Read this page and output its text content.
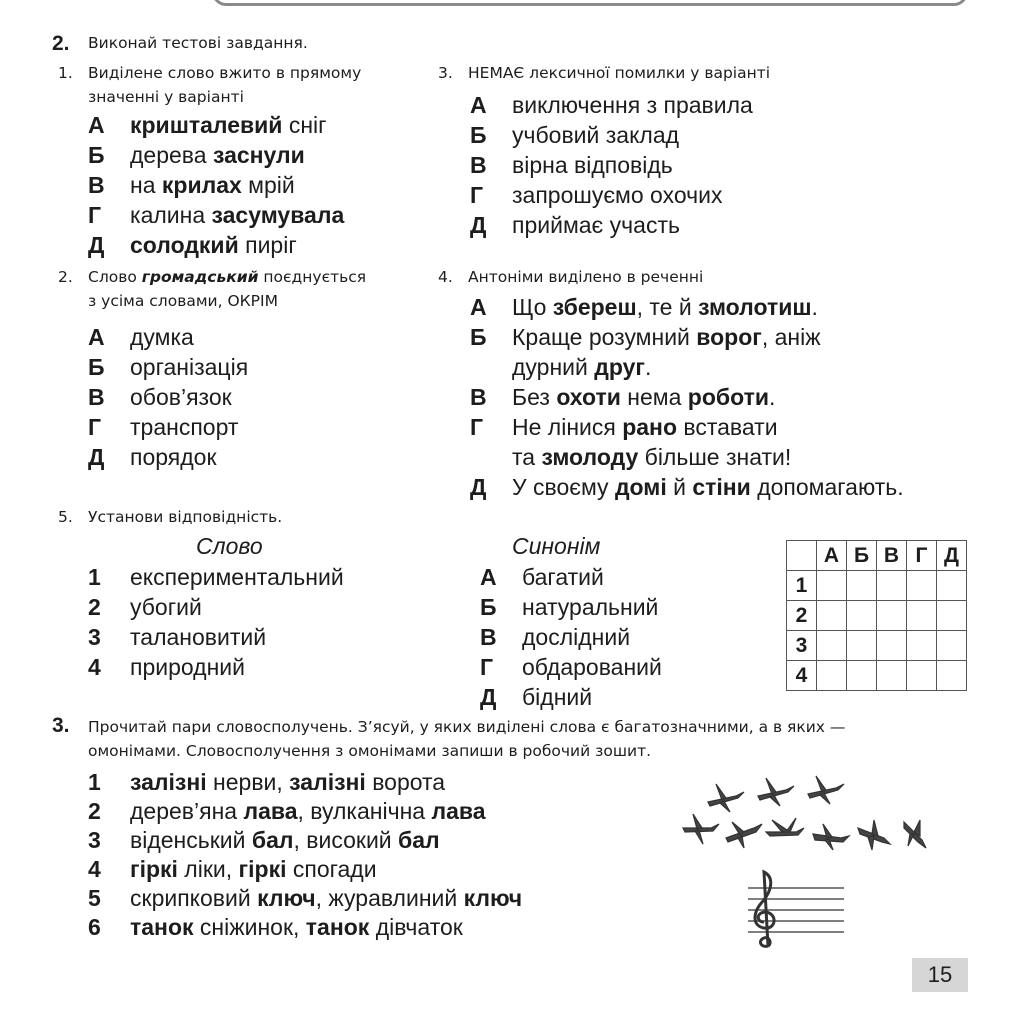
2. Виконай тестові завдання.
1. Виділене слово вжито в прямому
значенні у варіанті
А кришталевий сніг
Б дерева заснули
В на крилах мрій
Г калина засумувала
Д солодкий пиріг
2. Слово громадський поєднується
з усіма словами, ОКРІМ
А думка
Б організація
В обов’язок
Г транспорт
Д порядок
3. НЕМАЄ лексичної помилки у варіанті
А виключення з правила
Б учбовий заклад
В вірна відповідь
Г запрошуємо охочих
Д приймає участь
4. Антоніми виділено в реченні
А Що збереш, те й змолотиш.
Б Краще розумний ворог, аніж
дурний друг.
В Без охоти нема роботи.
Г Не лінися рано вставати
та змолоду більше знати!
Д У своєму домі й стіни допомагають.
5. Установи відповідність.
Слово	Синонім
1 експериментальний
2 убогий
3 талановитий
4 природний
А багатий
Б натуральний
В дослідний
Г обдарований
Д бідний
	А	Б	В	Г	Д
1					
2					
3					
4					
3. Прочитай пари словосполучень. З’ясуй, у яких виділені слова є багатозначними, а в яких —
омонімами. Словосполучення з омонімами запиши в робочий зошит.
1 залізні нерви, залізні ворота
2 дерев’яна лава, вулканічна лава
3 віденський бал, високий бал
4 гіркі ліки, гіркі спогади
5 скрипковий ключ, журавлиний ключ
6 танок сніжинок, танок дівчаток
15
